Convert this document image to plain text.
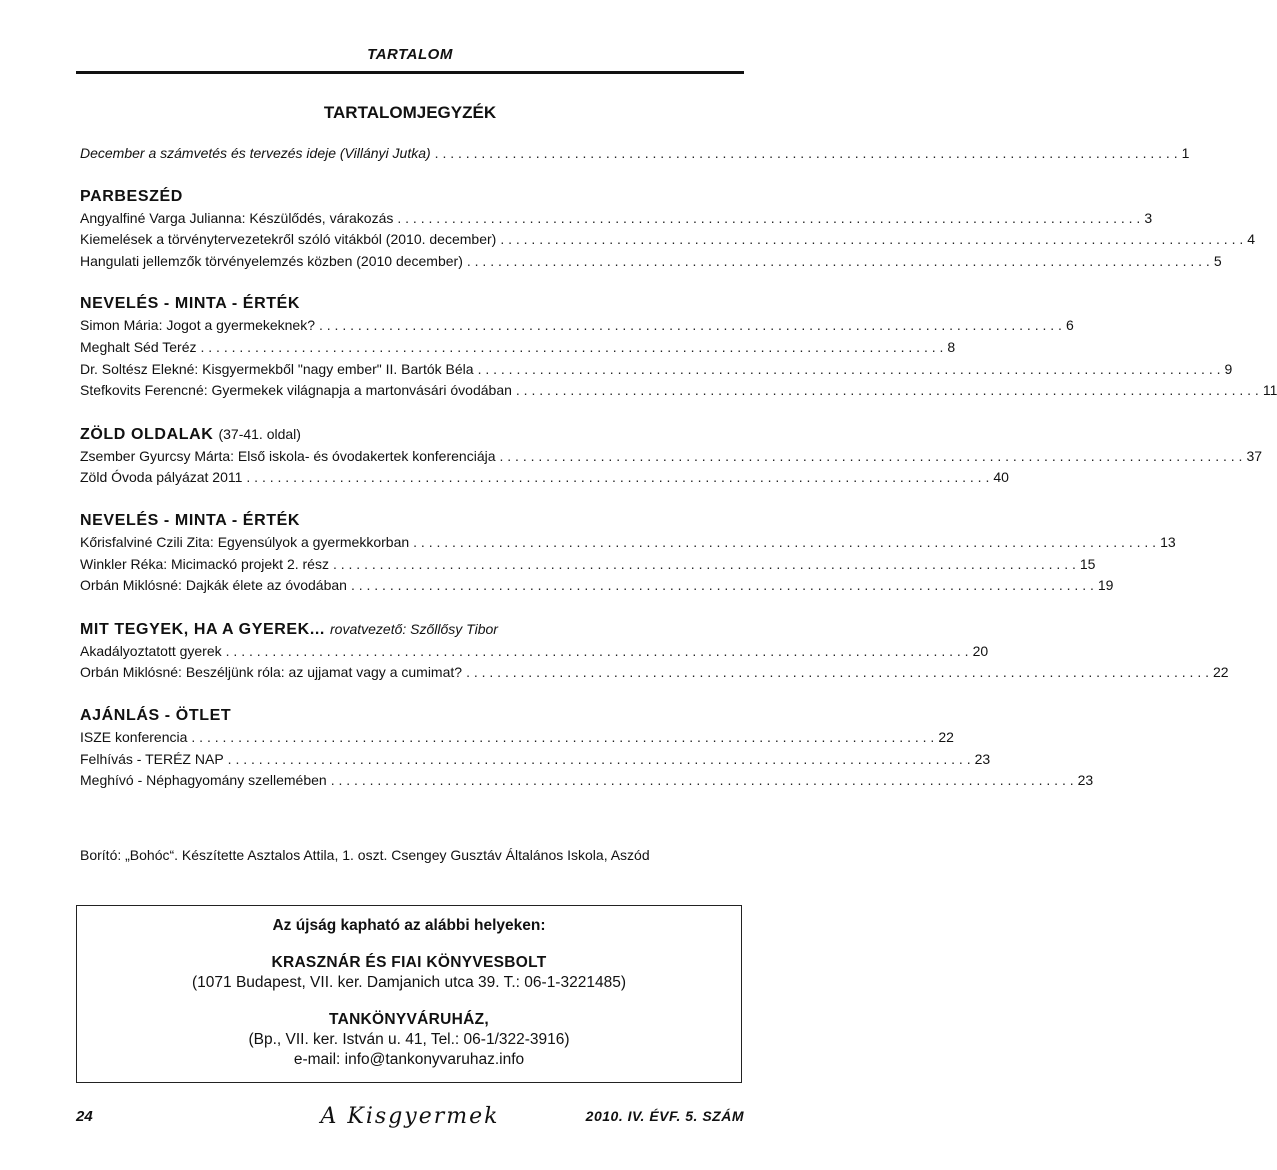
TARTALOM
TARTALOMJEGYZÉK
December a számvetés és tervezés ideje (Villányi Jutka) . . .	1
PARBESZÉD
Angyalfiné Varga Julianna: Készülődés, várakozás . . .	3
Kiemelések a törvénytervezetekről szóló vitákból (2010. december) . . .	4
Hangulati jellemzők törvényelemzés közben (2010 december) . . .	5
NEVELÉS - MINTA - ÉRTÉK
Simon Mária: Jogot a gyermekeknek? . . .	6
Meghalt Séd Teréz . . .	8
Dr. Soltész Elekné: Kisgyermekből "nagy ember" II. Bartók Béla . . .	9
Stefkovits Ferencné: Gyermekek világnapja a martonvásári óvodában . . .	11
ZÖLD OLDALAK (37-41. oldal)
Zsember Gyurcsy Márta: Első iskola- és óvodakertek konferenciája . . .	37
Zöld Óvoda pályázat 2011 . . .	40
NEVELÉS - MINTA - ÉRTÉK
Kőrisfalviné Czili Zita: Egyensúlyok a gyermekkorban . . .	13
Winkler Réka: Micimackó projekt 2. rész . . .	15
Orbán Miklósné: Dajkák élete az óvodában . . .	19
MIT TEGYEK, HA A GYEREK... rovatvezető: Szőllősy Tibor
Akadályoztatott gyerek . . .	20
Orbán Miklósné: Beszéljünk róla: az ujjamat vagy a cumimat? . . .	22
AJÁNLÁS - ÖTLET
ISZE konferencia . . .	22
Felhívás - TERÉZ NAP . . .	23
Meghívó - Néphagyomány szellemében . . .	23
Borító: „Bohóc“. Készítette Asztalos Attila, 1. oszt. Csengey Gusztáv Általános Iskola, Aszód
Az újság kapható az alábbi helyeken:
KRASZNÁR ÉS FIAI KÖNYVESBOLT
(1071 Budapest, VII. ker. Damjanich utca 39. T.: 06-1-3221485)
TANKÖNYVÁRUHÁZ,
(Bp., VII. ker. István u. 41, Tel.: 06-1/322-3916)
e-mail: info@tankonyvaruhaz.info
24	A Kisgyermek	2010. IV. ÉVF. 5. SZÁM
